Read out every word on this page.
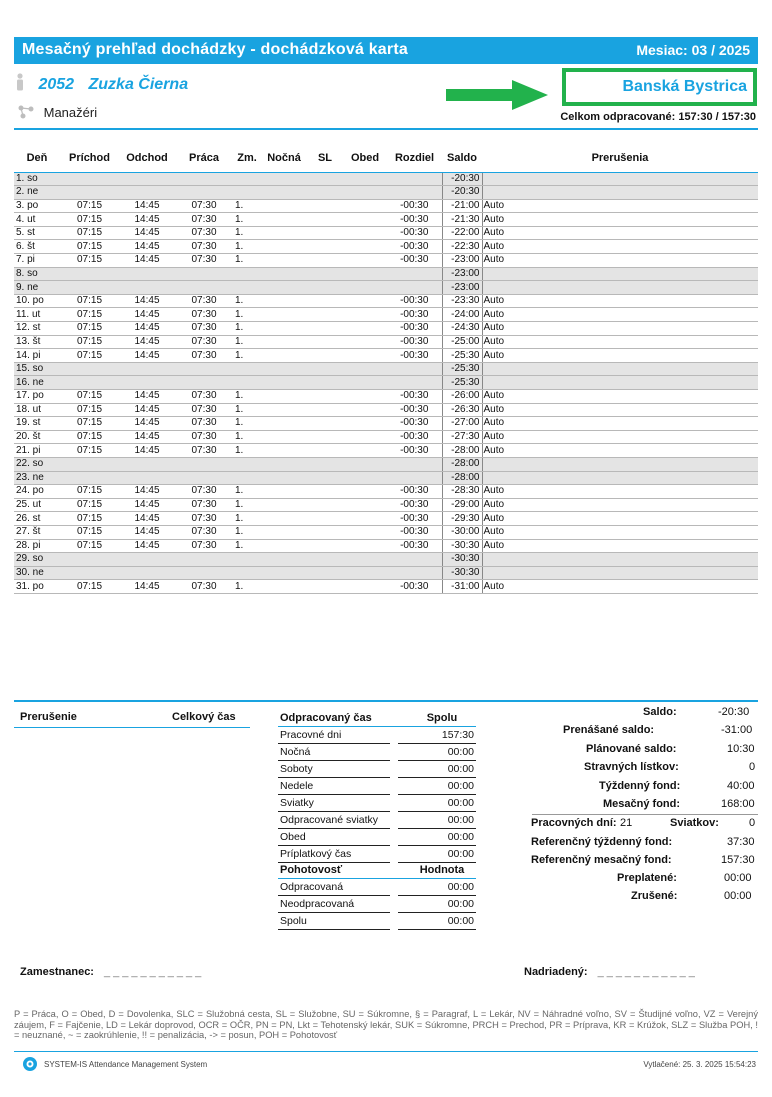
Mesačný prehľad dochádzky - dochádzková karta	Mesiac: 03 / 2025
2052 Zuzka Čierna
Manažéri
Banská Bystrica
Celkom odpracované: 157:30 / 157:30
Deň	Príchod	Odchod	Práca	Zm.	Nočná	SL	Obed	Rozdiel	Saldo	Prerušenia
1. so									-20:30	
2. ne									-20:30	
3. po	07:15	14:45	07:30	1.				-00:30	-21:00	Auto
4. ut	07:15	14:45	07:30	1.				-00:30	-21:30	Auto
5. st	07:15	14:45	07:30	1.				-00:30	-22:00	Auto
6. št	07:15	14:45	07:30	1.				-00:30	-22:30	Auto
7. pi	07:15	14:45	07:30	1.				-00:30	-23:00	Auto
8. so									-23:00	
9. ne									-23:00	
10. po	07:15	14:45	07:30	1.				-00:30	-23:30	Auto
11. ut	07:15	14:45	07:30	1.				-00:30	-24:00	Auto
12. st	07:15	14:45	07:30	1.				-00:30	-24:30	Auto
13. št	07:15	14:45	07:30	1.				-00:30	-25:00	Auto
14. pi	07:15	14:45	07:30	1.				-00:30	-25:30	Auto
15. so									-25:30	
16. ne									-25:30	
17. po	07:15	14:45	07:30	1.				-00:30	-26:00	Auto
18. ut	07:15	14:45	07:30	1.				-00:30	-26:30	Auto
19. st	07:15	14:45	07:30	1.				-00:30	-27:00	Auto
20. št	07:15	14:45	07:30	1.				-00:30	-27:30	Auto
21. pi	07:15	14:45	07:30	1.				-00:30	-28:00	Auto
22. so									-28:00	
23. ne									-28:00	
24. po	07:15	14:45	07:30	1.				-00:30	-28:30	Auto
25. ut	07:15	14:45	07:30	1.				-00:30	-29:00	Auto
26. st	07:15	14:45	07:30	1.				-00:30	-29:30	Auto
27. št	07:15	14:45	07:30	1.				-00:30	-30:00	Auto
28. pi	07:15	14:45	07:30	1.				-00:30	-30:30	Auto
29. so									-30:30	
30. ne									-30:30	
31. po	07:15	14:45	07:30	1.				-00:30	-31:00	Auto
Prerušenie	Celkový čas	Odpracovaný čas		Spolu
Pracovné dni		157:30
Nočná		00:00
Soboty		00:00
Nedele		00:00
Sviatky		00:00
Odpracované sviatky		00:00
Obed		00:00
Príplatkový čas		00:00
Pohotovosť		Hodnota
Odpracovaná		00:00
Neodpracovaná		00:00
Spolu		00:00
Saldo:	-20:30
Prenášané saldo:	-31:00
Plánované saldo:	10:30
Stravných lístkov:	0
Týždenný fond:	40:00
Mesačný fond:	168:00
Pracovných dní: 21	Sviatkov:	0
Referenčný týždenný fond:	37:30
Referenčný mesačný fond:	157:30
Preplatené:	00:00
Zrušené:	00:00
Zamestnanec: ___________	Nadriadený: ___________
P = Práca, O = Obed, D = Dovolenka, SLC = Služobná cesta, SL = Služobne, SU = Súkromne, § = Paragraf, L = Lekár, NV = Náhradné voľno, SV = Študijné voľno, VZ = Verejný záujem, F = Fajčenie, LD = Lekár doprovod, OCR = OČR, PN = PN, Lkt = Tehotenský lekár, SUK = Súkromne, PRCH = Prechod, PR = Príprava, KR = Krúžok, SLZ = Služba POH, ! = neuznané, ~ = zaokrúhlenie, !! = penalizácia, -> = posun, POH = Pohotovosť
SYSTEM-IS Attendance Management System	Vytlačené: 25. 3. 2025 15:54:23
